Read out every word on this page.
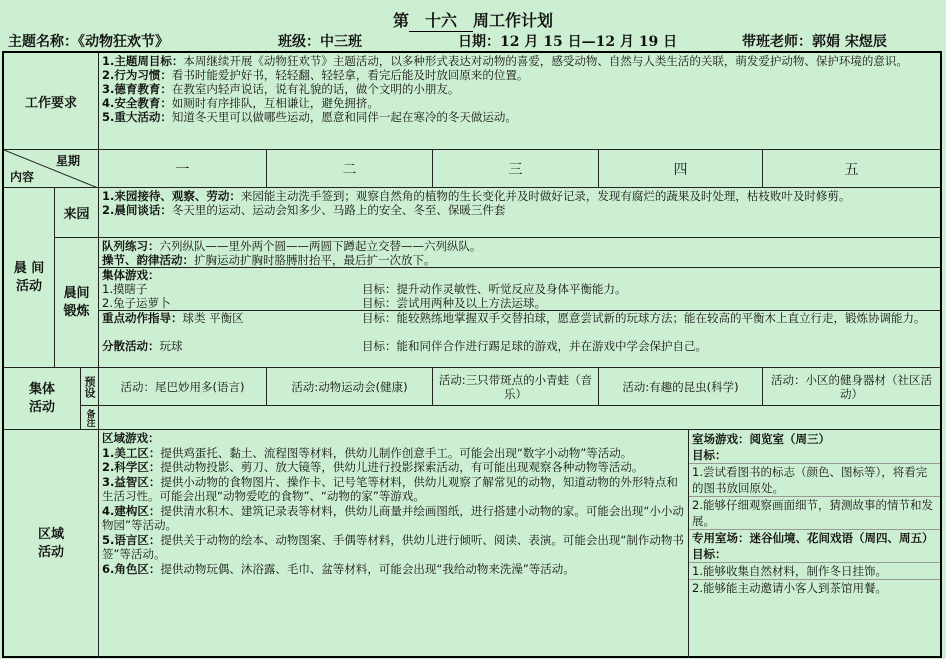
第 十六 周工作计划
主题名称：《动物狂欢节》	班级：中三班	日期：12 月 15 日—12 月 19 日	带班老师：郭娟 宋煜辰
工作要求
1.主题周目标：本周继续开展《动物狂欢节》主题活动，以多种形式表达对动物的喜爱，感受动物、自然与人类生活的关联，萌发爱护动物、保护环境的意识。
2.行为习惯：看书时能爱护好书，轻轻翻、轻轻拿，看完后能及时放回原来的位置。
3.德育教育：在教室内轻声说话，说有礼貌的话，做个文明的小朋友。
4.安全教育：如厕时有序排队，互相谦让，避免拥挤。
5.重大活动：知道冬天里可以做哪些运动，愿意和同伴一起在寒冷的冬天做运动。
星期
内容	一	二	三	四	五
晨 间
活动
来园
1.来园接待、观察、劳动：来园能主动洗手签到；观察自然角的植物的生长变化并及时做好记录，发现有腐烂的蔬果及时处理，枯枝败叶及时修剪。
2.晨间谈话：冬天里的运动、运动会知多少、马路上的安全、冬至、保暖三件套
晨间
锻炼
队列练习：六列纵队——里外两个圆——两圆下蹲起立交替——六列纵队。
操节、韵律活动：扩胸运动扩胸时胳膊肘抬平，最后扩一次放下。
集体游戏：
1.摸瞎子	目标：提升动作灵敏性、听觉反应及身体平衡能力。
2.兔子运萝卜	目标：尝试用两种及以上方法运球。
重点动作指导：球类 平衡区	目标：能较熟练地掌握双手交替拍球，愿意尝试新的玩球方法；能在较高的平衡木上直立行走，锻炼协调能力。
分散活动：玩球	目标：能和同伴合作进行踢足球的游戏，并在游戏中学会保护自己。
集体
活动
预设
备注
活动：尾巴妙用多(语言)	活动:动物运动会(健康)	活动:三只带斑点的小青蛙（音乐）	活动:有趣的昆虫(科学)	活动：小区的健身器材（社区活动）
区域
活动
区域游戏：
1.美工区：提供鸡蛋托、黏土、流程图等材料，供幼儿制作创意手工。可能会出现“数字小动物”等活动。
2.科学区：提供动物投影、剪刀、放大镜等，供幼儿进行投影探索活动，有可能出现观察各种动物等活动。
3.益智区：提供小动物的食物图片、操作卡、记号笔等材料，供幼儿观察了解常见的动物，知道动物的外形特点和生活习性。可能会出现“动物爱吃的食物”、“动物的家”等游戏。
4.建构区：提供清水积木、建筑记录表等材料，供幼儿商量并绘画图纸，进行搭建小动物的家。可能会出现“小小动物园”等活动。
5.语言区：提供关于动物的绘本、动物图案、手偶等材料，供幼儿进行倾听、阅读、表演。可能会出现“制作动物书签”等活动。
6.角色区：提供动物玩偶、沐浴露、毛巾、盆等材料，可能会出现“我给动物来洗澡”等活动。
室场游戏：阅览室（周三）
目标：
1.尝试看图书的标志（颜色、图标等），将看完的图书放回原处。
2.能够仔细观察画面细节，猜测故事的情节和发展。
专用室场：迷谷仙境、花间戏语（周四、周五）
目标：
1.能够收集自然材料，制作冬日挂饰。
2.能够能主动邀请小客人到茶馆用餐。
